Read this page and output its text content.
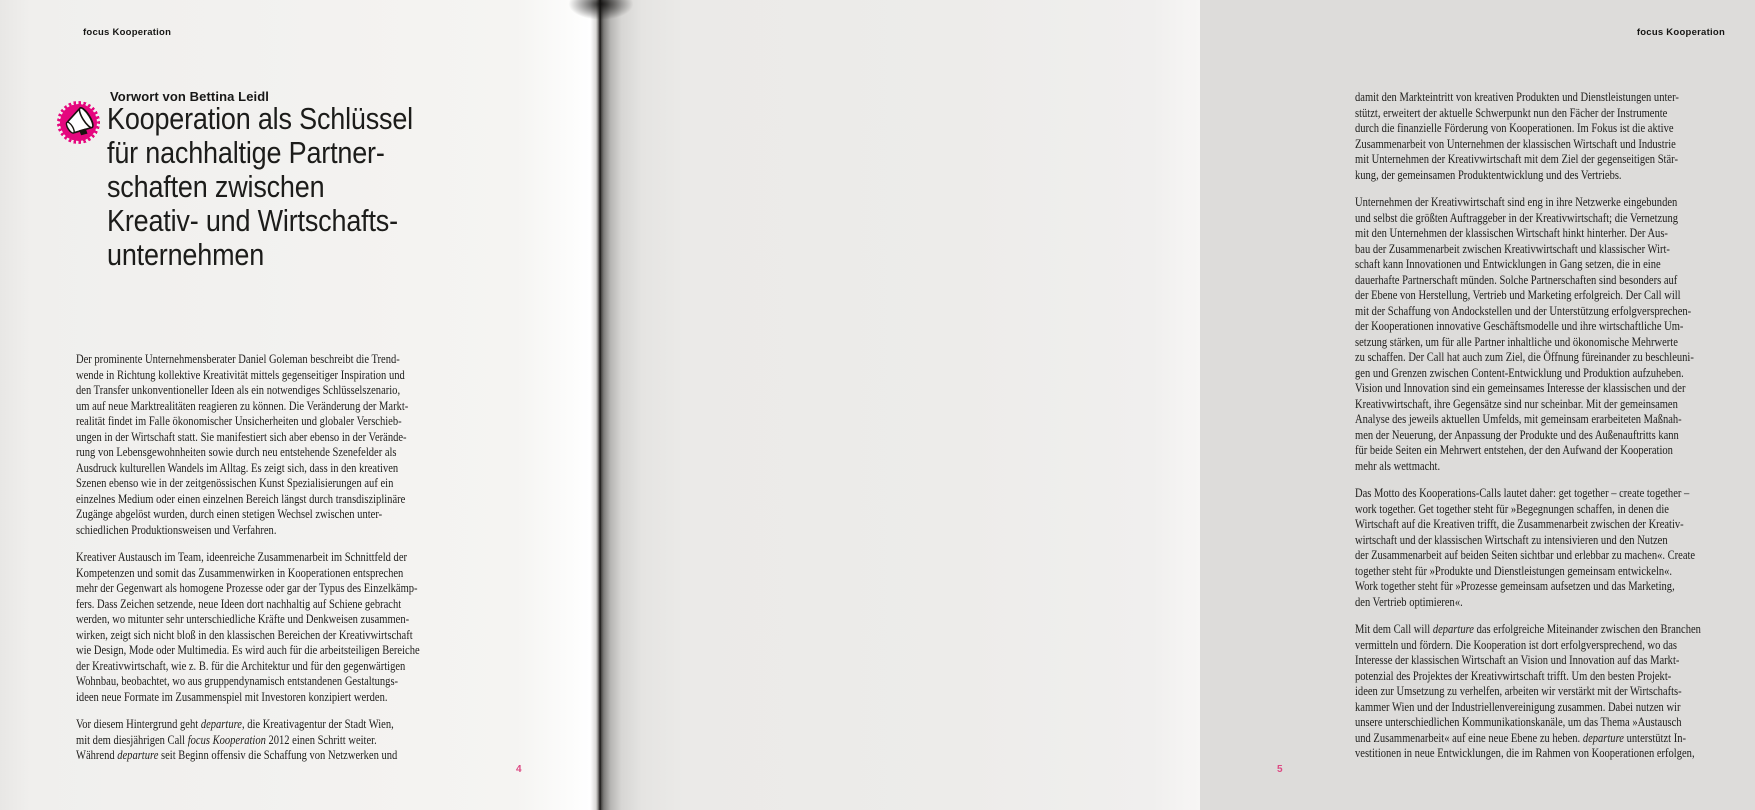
focus Kooperation
Vorwort von Bettina Leidl
Kooperation als Schlüssel
für nachhaltige Partner-
schaften zwischen
Kreativ- und Wirtschafts-
unternehmen

Der prominente Unternehmensberater Daniel Goleman beschreibt die Trend-
wende in Richtung kollektive Kreativität mittels gegenseitiger Inspiration und
den Transfer unkonventioneller Ideen als ein notwendiges Schlüsselszenario,
um auf neue Marktrealitäten reagieren zu können. Die Veränderung der Markt-
realität findet im Falle ökonomischer Unsicherheiten und globaler Verschieb-
ungen in der Wirtschaft statt. Sie manifestiert sich aber ebenso in der Verände-
rung von Lebensgewohnheiten sowie durch neu entstehende Szenefelder als
Ausdruck kulturellen Wandels im Alltag. Es zeigt sich, dass in den kreativen
Szenen ebenso wie in der zeitgenössischen Kunst Spezialisierungen auf ein
einzelnes Medium oder einen einzelnen Bereich längst durch transdisziplinäre
Zugänge abgelöst wurden, durch einen stetigen Wechsel zwischen unter-
schiedlichen Produktionsweisen und Verfahren.

Kreativer Austausch im Team, ideenreiche Zusammenarbeit im Schnittfeld der
Kompetenzen und somit das Zusammenwirken in Kooperationen entsprechen
mehr der Gegenwart als homogene Prozesse oder gar der Typus des Einzelkämp-
fers. Dass Zeichen setzende, neue Ideen dort nachhaltig auf Schiene gebracht
werden, wo mitunter sehr unterschiedliche Kräfte und Denkweisen zusammen-
wirken, zeigt sich nicht bloß in den klassischen Bereichen der Kreativwirtschaft
wie Design, Mode oder Multimedia. Es wird auch für die arbeitsteiligen Bereiche
der Kreativwirtschaft, wie z. B. für die Architektur und für den gegenwärtigen
Wohnbau, beobachtet, wo aus gruppendynamisch entstandenen Gestaltungs-
ideen neue Formate im Zusammenspiel mit Investoren konzipiert werden.

Vor diesem Hintergrund geht departure, die Kreativagentur der Stadt Wien,
mit dem diesjährigen Call focus Kooperation 2012 einen Schritt weiter.
Während departure seit Beginn offensiv die Schaffung von Netzwerken und

4
focus Kooperation

damit den Markteintritt von kreativen Produkten und Dienstleistungen unter-
stützt, erweitert der aktuelle Schwerpunkt nun den Fächer der Instrumente
durch die finanzielle Förderung von Kooperationen. Im Fokus ist die aktive
Zusammenarbeit von Unternehmen der klassischen Wirtschaft und Industrie
mit Unternehmen der Kreativwirtschaft mit dem Ziel der gegenseitigen Stär-
kung, der gemeinsamen Produktentwicklung und des Vertriebs.

Unternehmen der Kreativwirtschaft sind eng in ihre Netzwerke eingebunden
und selbst die größten Auftraggeber in der Kreativwirtschaft; die Vernetzung
mit den Unternehmen der klassischen Wirtschaft hinkt hinterher. Der Aus-
bau der Zusammenarbeit zwischen Kreativwirtschaft und klassischer Wirt-
schaft kann Innovationen und Entwicklungen in Gang setzen, die in eine
dauerhafte Partnerschaft münden. Solche Partnerschaften sind besonders auf
der Ebene von Herstellung, Vertrieb und Marketing erfolgreich. Der Call will
mit der Schaffung von Andockstellen und der Unterstützung erfolgversprechen-
der Kooperationen innovative Geschäftsmodelle und ihre wirtschaftliche Um-
setzung stärken, um für alle Partner inhaltliche und ökonomische Mehrwerte
zu schaffen. Der Call hat auch zum Ziel, die Öffnung füreinander zu beschleuni-
gen und Grenzen zwischen Content-Entwicklung und Produktion aufzuheben.
Vision und Innovation sind ein gemeinsames Interesse der klassischen und der
Kreativwirtschaft, ihre Gegensätze sind nur scheinbar. Mit der gemeinsamen
Analyse des jeweils aktuellen Umfelds, mit gemeinsam erarbeiteten Maßnah-
men der Neuerung, der Anpassung der Produkte und des Außenauftritts kann
für beide Seiten ein Mehrwert entstehen, der den Aufwand der Kooperation
mehr als wettmacht.

Das Motto des Kooperations-Calls lautet daher: get together – create together –
work together. Get together steht für »Begegnungen schaffen, in denen die
Wirtschaft auf die Kreativen trifft, die Zusammenarbeit zwischen der Kreativ-
wirtschaft und der klassischen Wirtschaft zu intensivieren und den Nutzen
der Zusammenarbeit auf beiden Seiten sichtbar und erlebbar zu machen«. Create
together steht für »Produkte und Dienstleistungen gemeinsam entwickeln«.
Work together steht für »Prozesse gemeinsam aufsetzen und das Marketing,
den Vertrieb optimieren«.

Mit dem Call will departure das erfolgreiche Miteinander zwischen den Branchen
vermitteln und fördern. Die Kooperation ist dort erfolgversprechend, wo das
Interesse der klassischen Wirtschaft an Vision und Innovation auf das Markt-
potenzial des Projektes der Kreativwirtschaft trifft. Um den besten Projekt-
ideen zur Umsetzung zu verhelfen, arbeiten wir verstärkt mit der Wirtschafts-
kammer Wien und der Industriellenvereinigung zusammen. Dabei nutzen wir
unsere unterschiedlichen Kommunikationskanäle, um das Thema »Austausch
und Zusammenarbeit« auf eine neue Ebene zu heben. departure unterstützt In-
vestitionen in neue Entwicklungen, die im Rahmen von Kooperationen erfolgen,

5
